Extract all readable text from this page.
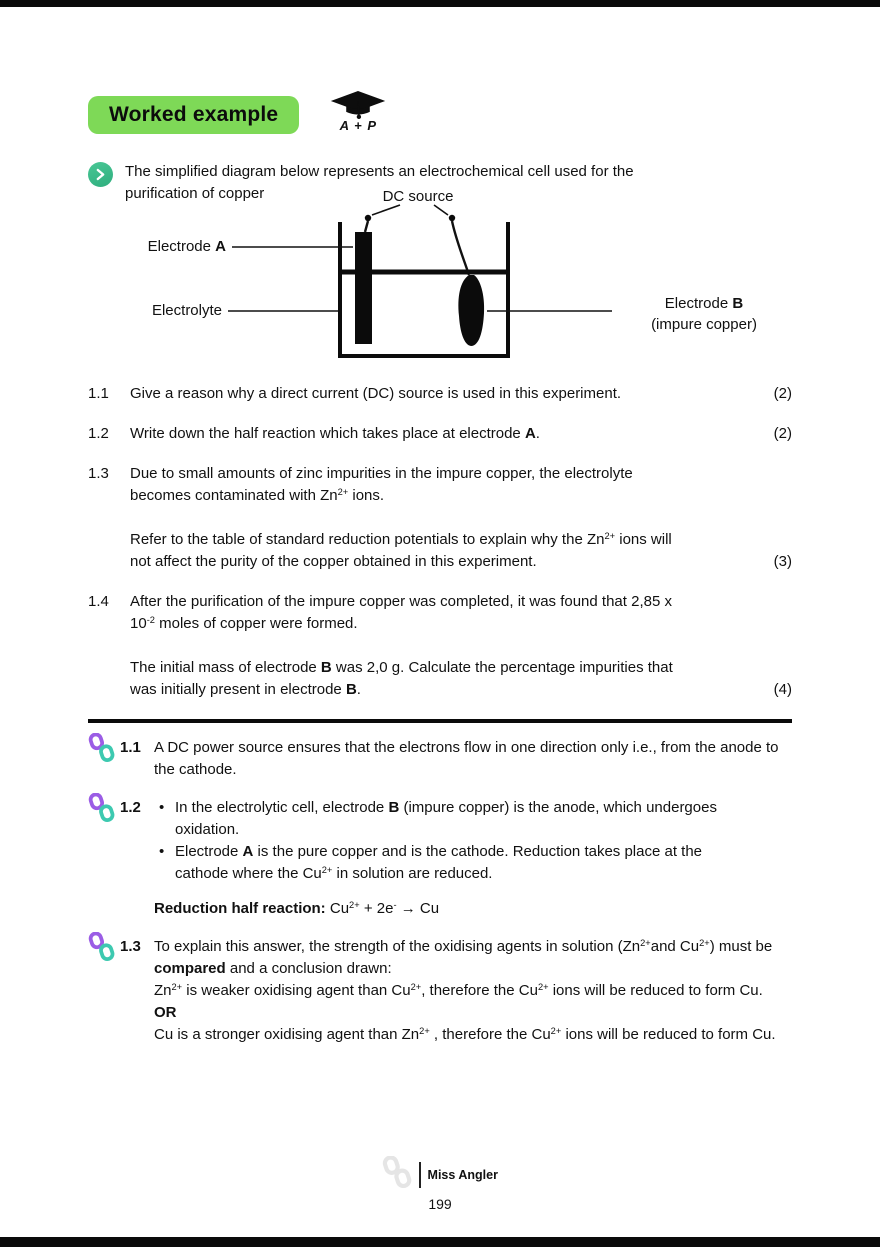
Worked example	A + P

The simplified diagram below represents an electrochemical cell used for the purification of copper	DC source
Electrode A
Electrolyte	Electrode B
(impure copper)
1.1	Give a reason why a direct current (DC) source is used in this experiment.	(2)
1.2	Write down the half reaction which takes place at electrode A.	(2)
1.3	Due to small amounts of zinc impurities in the impure copper, the electrolyte becomes contaminated with $Zn^{2+}$ ions.

Refer to the table of standard reduction potentials to explain why the $Zn^{2+}$ ions will not affect the purity of the copper obtained in this experiment.	(3)
1.4	After the purification of the impure copper was completed, it was found that 2,85 x $10^{-2}$ moles of copper were formed.

The initial mass of electrode B was 2,0 g. Calculate the percentage impurities that was initially present in electrode B.	(4)
1.1 A DC power source ensures that the electrons flow in one direction only i.e., from the anode to the cathode.

1.2	• In the electrolytic cell, electrode B (impure copper) is the anode, which undergoes oxidation.
• Electrode A is the pure copper and is the cathode. Reduction takes place at the cathode where the $Cu^{2+}$ in solution are reduced.

Reduction half reaction: $Cu^{2+} + 2e^- \to Cu$

1.3 To explain this answer, the strength of the oxidising agents in solution ($Zn^{2+}and$ $Cu^{2+}$) must be compared and a conclusion drawn:

$Zn^{2+}$ is weaker oxidising agent than $Cu^{2+}$, therefore the $Cu^{2+}$ ions will be reduced to form Cu.

OR

Cu is a stronger oxidising agent than $Zn^{2+}$ , therefore the $Cu^{2+}$ ions will be reduced to form Cu.

Miss Angler
199
